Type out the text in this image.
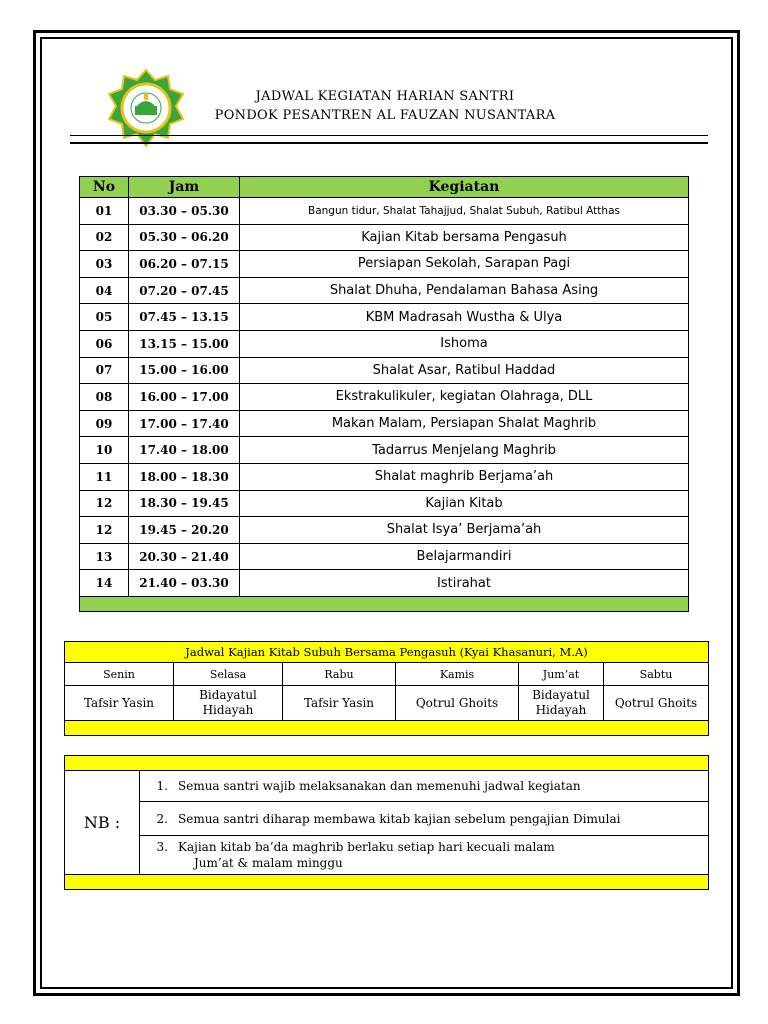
JADWAL KEGIATAN HARIAN SANTRI
PONDOK PESANTREN AL FAUZAN NUSANTARA
No	Jam	Kegiatan
01	03.30 – 05.30	Bangun tidur, Shalat Tahajjud, Shalat Subuh, Ratibul Atthas
02	05.30 – 06.20	Kajian Kitab bersama Pengasuh
03	06.20 – 07.15	Persiapan Sekolah, Sarapan Pagi
04	07.20 – 07.45	Shalat Dhuha, Pendalaman Bahasa Asing
05	07.45 – 13.15	KBM Madrasah Wustha & Ulya
06	13.15 – 15.00	Ishoma
07	15.00 – 16.00	Shalat Asar, Ratibul Haddad
08	16.00 – 17.00	Ekstrakulikuler, kegiatan Olahraga, DLL
09	17.00 – 17.40	Makan Malam, Persiapan Shalat Maghrib
10	17.40 – 18.00	Tadarrus Menjelang Maghrib
11	18.00 – 18.30	Shalat maghrib Berjama’ah
12	18.30 – 19.45	Kajian Kitab
12	19.45 – 20.20	Shalat Isya’ Berjama’ah
13	20.30 – 21.40	Belajarmandiri
14	21.40 – 03.30	Istirahat

Jadwal Kajian Kitab Subuh Bersama Pengasuh (Kyai Khasanuri, M.A)					
Senin	Selasa	Rabu	Kamis	Jum’at	Sabtu
Tafsir Yasin	Bidayatul Hidayah	Tafsir Yasin	Qotrul Ghoits	Bidayatul Hidayah	Qotrul Ghoits

NB :	1. Semua santri wajib melaksanakan dan memenuhi jadwal kegiatan
2. Semua santri diharap membawa kitab kajian sebelum pengajian Dimulai
3. Kajian kitab ba’da maghrib berlaku setiap hari kecuali malam
Jum’at & malam minggu
